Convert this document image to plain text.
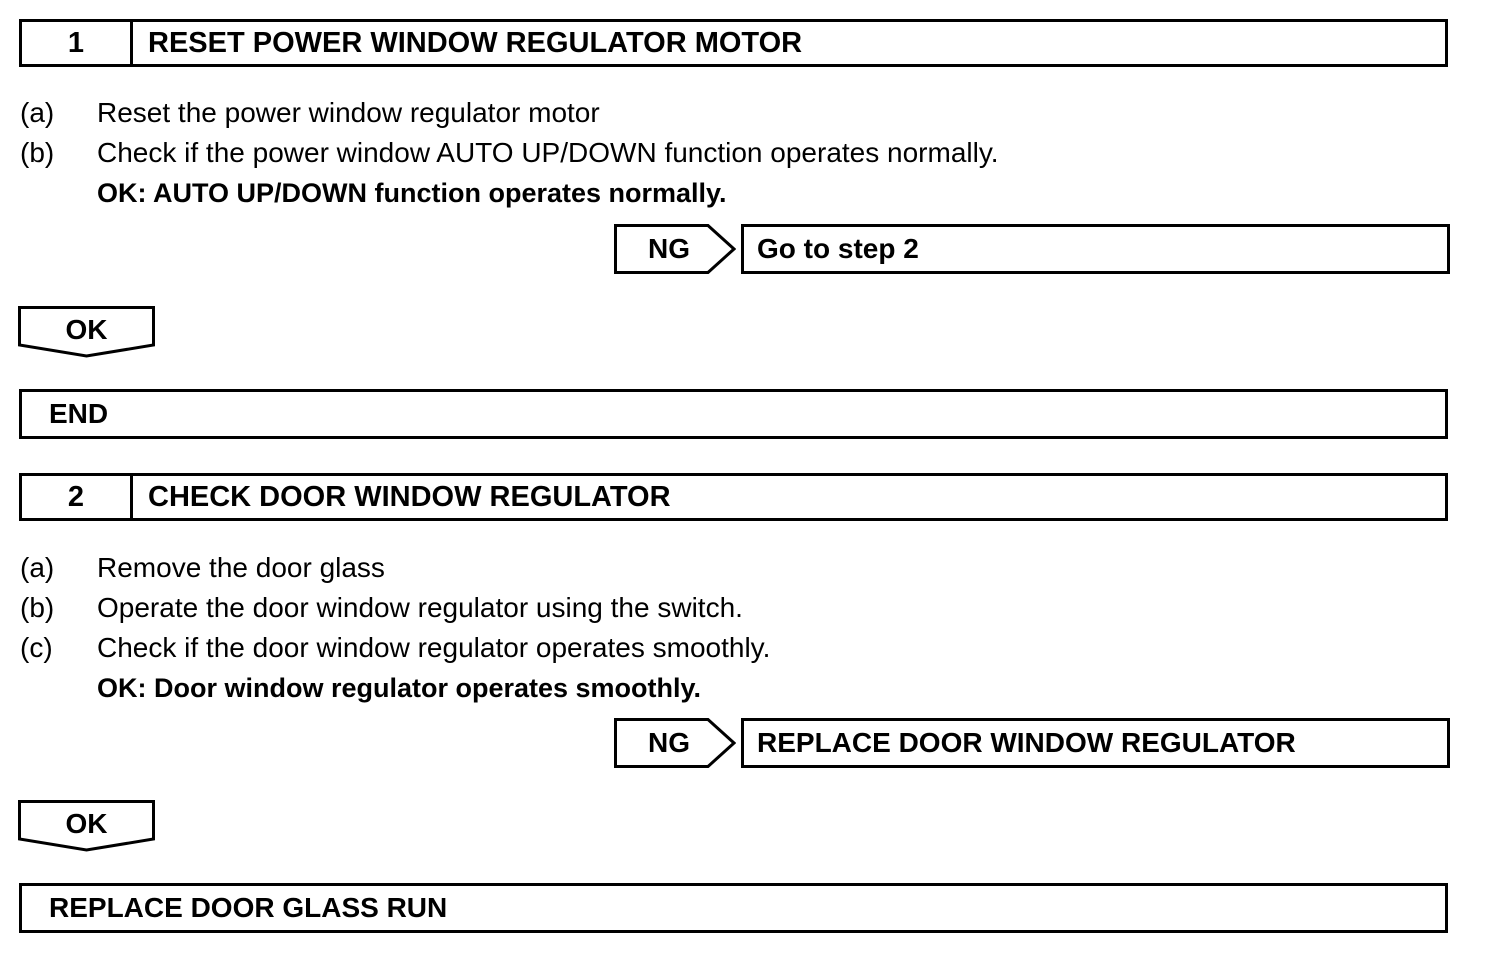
1	RESET POWER WINDOW REGULATOR MOTOR
(a) Reset the power window regulator motor
(b) Check if the power window AUTO UP/DOWN function operates normally.
OK: AUTO UP/DOWN function operates normally.
NG	Go to step 2
OK
END
2	CHECK DOOR WINDOW REGULATOR
(a) Remove the door glass
(b) Operate the door window regulator using the switch.
(c) Check if the door window regulator operates smoothly.
OK: Door window regulator operates smoothly.
NG	REPLACE DOOR WINDOW REGULATOR
OK
REPLACE DOOR GLASS RUN
